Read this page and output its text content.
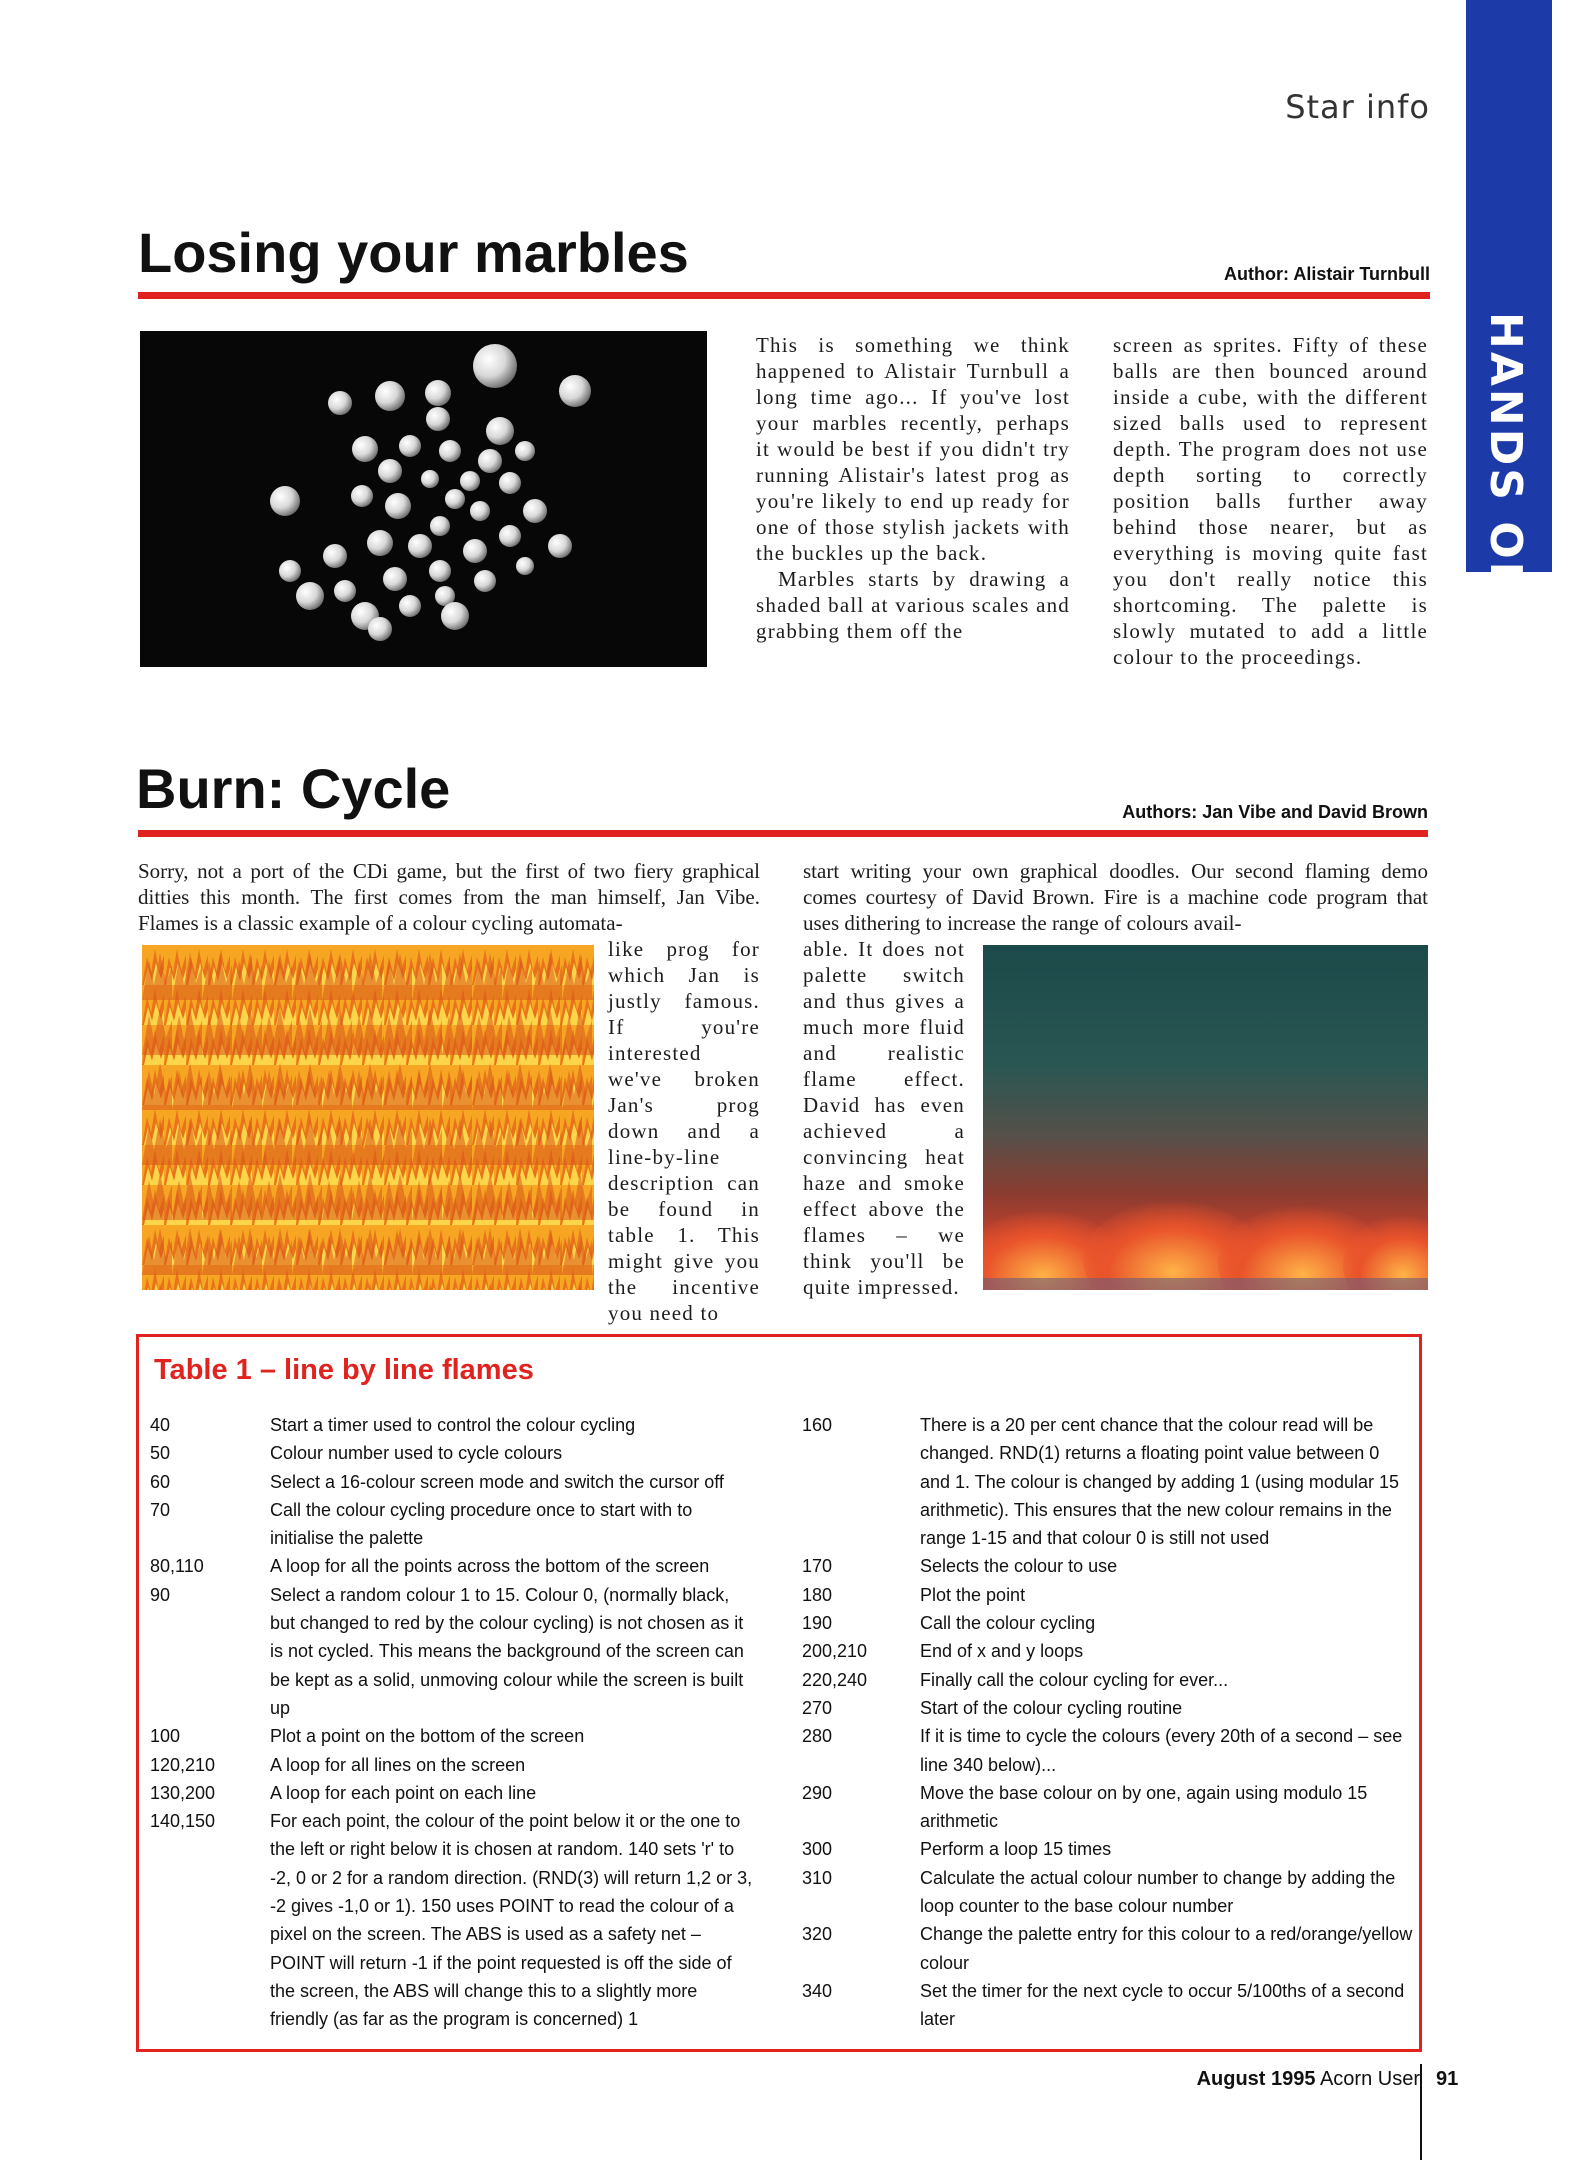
Star info
HANDS ON
Losing your marbles	Author: Alistair Turnbull

This is something we think happened to Alistair Turnbull a long time ago... If you've lost your marbles recently, perhaps it would be best if you didn't try running Alistair's latest prog as you're likely to end up ready for one of those stylish jackets with the buckles up the back.

Marbles starts by drawing a shaded ball at various scales and grabbing them off the

screen as sprites. Fifty of these balls are then bounced around inside a cube, with the different sized balls used to represent depth. The program does not use depth sorting to correctly position balls further away behind those nearer, but as everything is moving quite fast you don't really notice this shortcoming. The palette is slowly mutated to add a little colour to the proceedings.
Burn: Cycle	Authors: Jan Vibe and David Brown
Sorry, not a port of the CDi game, but the first of two fiery graphical ditties this month. The first comes from the man himself, Jan Vibe. Flames is a classic example of a colour cycling automata-
like prog for which Jan is justly famous. If you're interested we've broken Jan's prog down and a line-by-line description can be found in table 1. This might give you the incentive you need to
start writing your own graphical doodles. Our second flaming demo comes courtesy of David Brown. Fire is a machine code program that uses dithering to increase the range of colours avail-
able. It does not palette switch and thus gives a much more fluid and realistic flame effect. David has even achieved a convincing heat haze and smoke effect above the flames – we think you'll be quite impressed.
Table 1 – line by line flames
40	Start a timer used to control the colour cycling
50	Colour number used to cycle colours
60	Select a 16-colour screen mode and switch the cursor off
70	Call the colour cycling procedure once to start with to initialise the palette
80,110	A loop for all the points across the bottom of the screen
90	Select a random colour 1 to 15. Colour 0, (normally black, but changed to red by the colour cycling) is not chosen as it is not cycled. This means the background of the screen can be kept as a solid, unmoving colour while the screen is built up
100	Plot a point on the bottom of the screen
120,210	A loop for all lines on the screen
130,200	A loop for each point on each line
140,150	For each point, the colour of the point below it or the one to the left or right below it is chosen at random. 140 sets 'r' to -2, 0 or 2 for a random direction. (RND(3) will return 1,2 or 3, -2 gives -1,0 or 1). 150 uses POINT to read the colour of a pixel on the screen. The ABS is used as a safety net – POINT will return -1 if the point requested is off the side of the screen, the ABS will change this to a slightly more friendly (as far as the program is concerned) 1
160	There is a 20 per cent chance that the colour read will be changed. RND(1) returns a floating point value between 0 and 1. The colour is changed by adding 1 (using modular 15 arithmetic). This ensures that the new colour remains in the range 1-15 and that colour 0 is still not used
170	Selects the colour to use
180	Plot the point
190	Call the colour cycling
200,210	End of x and y loops
220,240	Finally call the colour cycling for ever...
270	Start of the colour cycling routine
280	If it is time to cycle the colours (every 20th of a second – see line 340 below)...
290	Move the base colour on by one, again using modulo 15 arithmetic
300	Perform a loop 15 times
310	Calculate the actual colour number to change by adding the loop counter to the base colour number
320	Change the palette entry for this colour to a red/orange/yellow colour
340	Set the timer for the next cycle to occur 5/100ths of a second later
August 1995 Acorn User 91
